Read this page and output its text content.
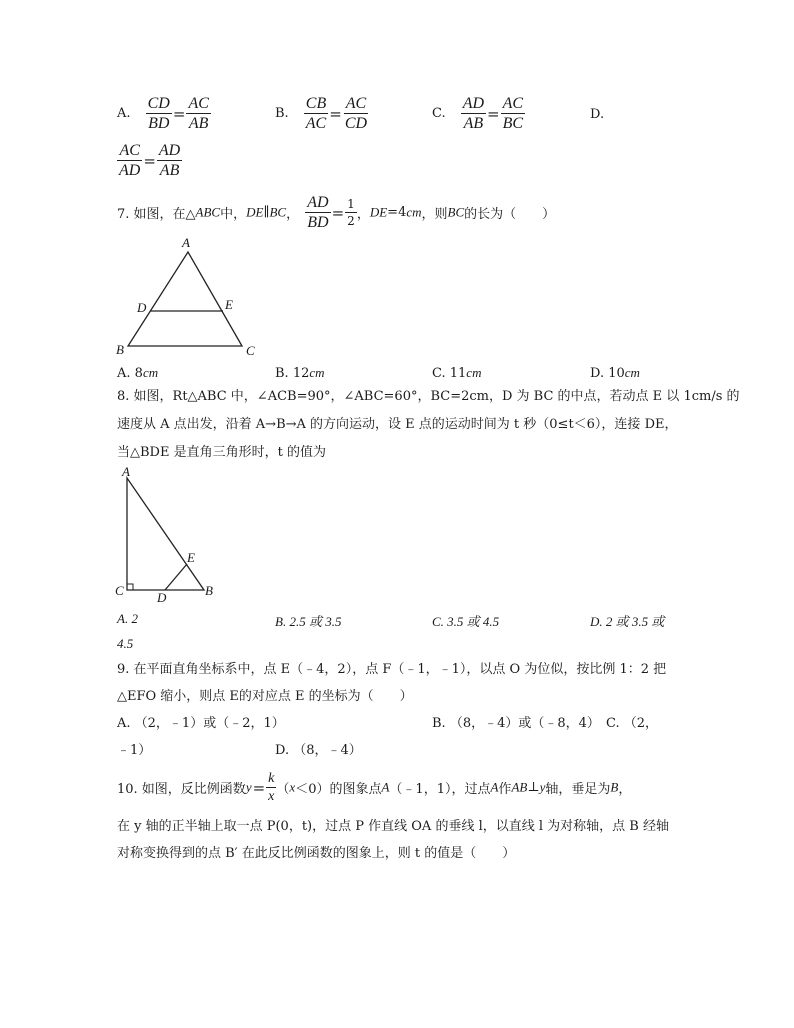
A. $\frac{CD}{BD} = \frac{AC}{AB}$	B. $\frac{CB}{AC} = \frac{AC}{CD}$	C. $\frac{AD}{AB} = \frac{AC}{BC}$	D.
$\frac{AC}{AD} = \frac{AD}{AB}$
7. 如图，在△ABC中，DE∥BC， $\frac{AD}{BD} = \frac{1}{2}$ ，DE=4cm，则BC的长为（　　）
A
D	E
B	C
A. 8cm	B. 12cm	C. 11cm	D. 10cm
8. 如图，Rt△ABC 中，∠ACB=90°，∠ABC=60°，BC=2cm，D 为 BC 的中点，若动点 E 以 1cm/s 的
速度从 A 点出发，沿着 A→B→A 的方向运动，设 E 点的运动时间为 t 秒（0≤t＜6），连接 DE，
当△BDE 是直角三角形时，t 的值为
A
E
C	D	B
A. 2	B. 2.5 或 3.5	C. 3.5 或 4.5	D. 2 或 3.5 或
4.5
9. 在平面直角坐标系中，点 E（﹣4，2），点 F（﹣1，﹣1），以点 O 为位似，按比例 1：2 把
△EFO 缩小，则点 E的对应点 E 的坐标为（　　）
A. （2，﹣1）或（﹣2，1）	B. （8，﹣4）或（﹣8，4） C. （2，
﹣1）	D. （8，﹣4）
10. 如图，反比例函数$y= \frac{k}{x} (x<0)$的图象点A（﹣1，1），过点A作AB⊥y轴，垂足为B，
在 y 轴的正半轴上取一点 P(0，t)，过点 P 作直线 OA 的垂线 l，以直线 l 为对称轴，点 B 经轴
对称变换得到的点 B′ 在此反比例函数的图象上，则 t 的值是（　　）
